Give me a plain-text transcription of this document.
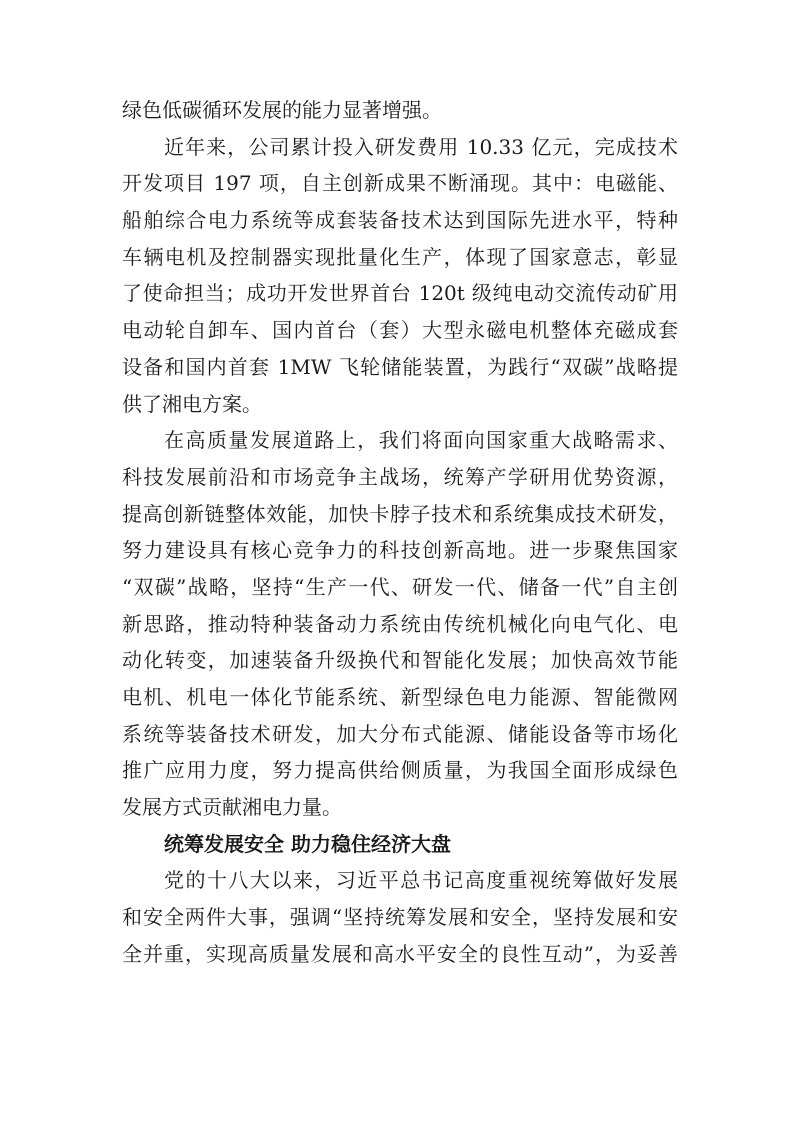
绿色低碳循环发展的能力显著增强。
近年来，公司累计投入研发费用 10.33 亿元，完成技术
开发项目 197 项，自主创新成果不断涌现。其中：电磁能、
船舶综合电力系统等成套装备技术达到国际先进水平，特种
车辆电机及控制器实现批量化生产，体现了国家意志，彰显
了使命担当；成功开发世界首台 120t 级纯电动交流传动矿用
电动轮自卸车、国内首台（套）大型永磁电机整体充磁成套
设备和国内首套 1MW 飞轮储能装置，为践行“双碳”战略提
供了湘电方案。
在高质量发展道路上，我们将面向国家重大战略需求、
科技发展前沿和市场竞争主战场，统筹产学研用优势资源，
提高创新链整体效能，加快卡脖子技术和系统集成技术研发，
努力建设具有核心竞争力的科技创新高地。进一步聚焦国家
“双碳”战略，坚持“生产一代、研发一代、储备一代”自主创
新思路，推动特种装备动力系统由传统机械化向电气化、电
动化转变，加速装备升级换代和智能化发展；加快高效节能
电机、机电一体化节能系统、新型绿色电力能源、智能微网
系统等装备技术研发，加大分布式能源、储能设备等市场化
推广应用力度，努力提高供给侧质量，为我国全面形成绿色
发展方式贡献湘电力量。
统筹发展安全 助力稳住经济大盘
党的十八大以来，习近平总书记高度重视统筹做好发展
和安全两件大事，强调“坚持统筹发展和安全，坚持发展和安
全并重，实现高质量发展和高水平安全的良性互动”，为妥善
